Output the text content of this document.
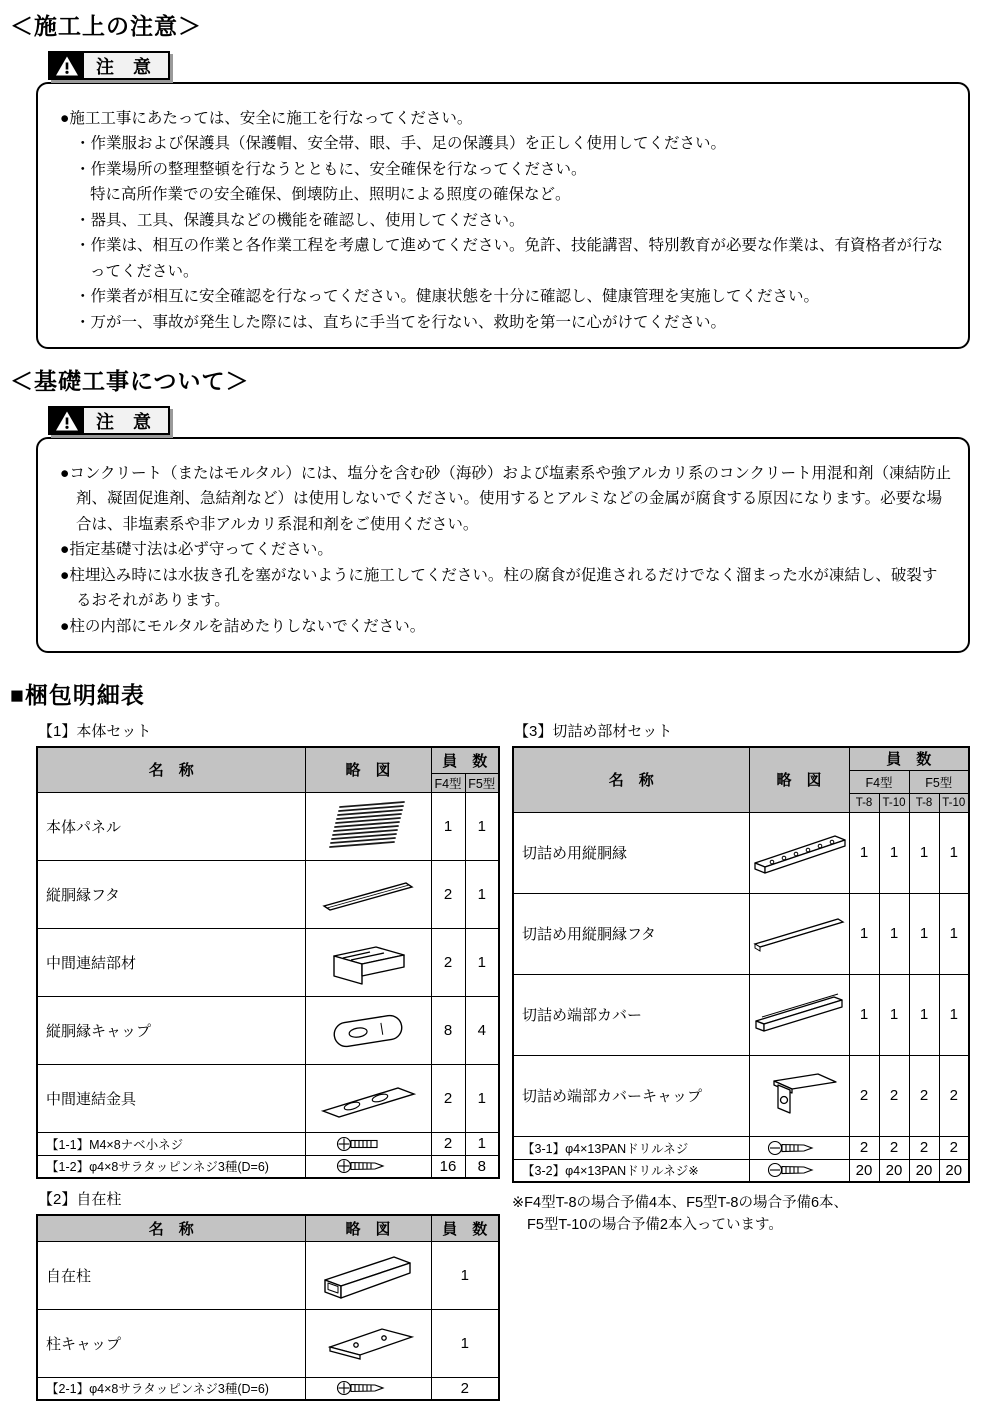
＜施工上の注意＞
注 意

●施工工事にあたっては、安全に施工を行なってください。

・作業服および保護具（保護帽、安全帯、眼、手、足の保護具）を正しく使用してください。

・作業場所の整理整頓を行なうとともに、安全確保を行なってください。

特に高所作業での安全確保、倒壊防止、照明による照度の確保など。

・器具、工具、保護具などの機能を確認し、使用してください。

・作業は、相互の作業と各作業工程を考慮して進めてください。免許、技能講習、特別教育が必要な作業は、有資格者が行なってください。

・作業者が相互に安全確認を行なってください。健康状態を十分に確認し、健康管理を実施してください。

・万が一、事故が発生した際には、直ちに手当てを行ない、救助を第一に心がけてください。

＜基礎工事について＞
注 意

●コンクリート（またはモルタル）には、塩分を含む砂（海砂）および塩素系や強アルカリ系のコンクリート用混和剤（凍結防止剤、凝固促進剤、急結剤など）は使用しないでください。使用するとアルミなどの金属が腐食する原因になります。必要な場合は、非塩素系や非アルカリ系混和剤をご使用ください。

●指定基礎寸法は必ず守ってください。

●柱埋込み時には水抜き孔を塞がないように施工してください。柱の腐食が促進されるだけでなく溜まった水が凍結し、破裂するおそれがあります。

●柱の内部にモルタルを詰めたりしないでください。

■梱包明細表
【1】本体セット
名　称	略　図	員　数	
		F4型	F5型
本体パネル		1	1
縦胴縁フタ		2	1
中間連結部材		2	1
縦胴縁キャップ		8	4
中間連結金具		2	1
【1-1】M4×8ナベ小ネジ		2	1
【1-2】φ4×8サラタッピンネジ3種(D=6)		16	8
【2】自在柱
名　称	略　図	員　数
自在柱		1
柱キャップ		1
【2-1】φ4×8サラタッピンネジ3種(D=6)		2
【3】切詰め部材セット
名　称	略　図	員　数			
		F4型		F5型	
		T-8	T-10	T-8	T-10
切詰め用縦胴縁		1	1	1	1
切詰め用縦胴縁フタ		1	1	1	1
切詰め端部カバー		1	1	1	1
切詰め端部カバーキャップ		2	2	2	2
【3-1】φ4×13PANドリルネジ		2	2	2	2
【3-2】φ4×13PANドリルネジ※		20	20	20	20
※F4型T-8の場合予備4本、F5型T-8の場合予備6本、
F5型T-10の場合予備2本入っています。
